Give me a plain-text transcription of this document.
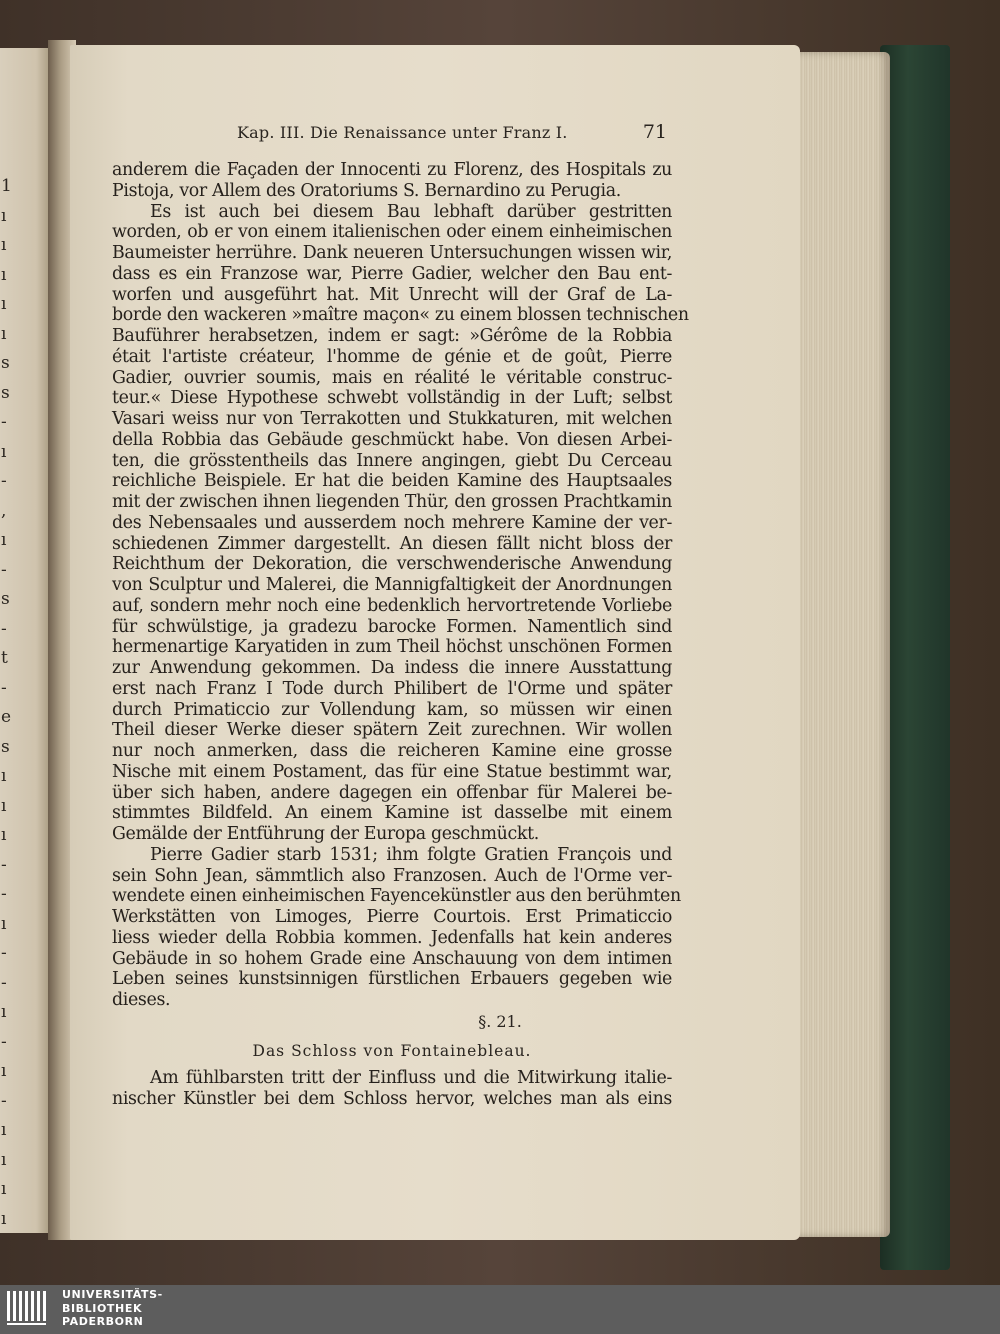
1
ı
ı
ı
ı
ı
s
s
-
ı
-
,
ı
-
s
-
t
-
e
s
ı
ı
ı
-
-
ı
-
-
ı
-
ı
-
ı
ı
ı
ı
Kap. III. Die Renaissance unter Franz I.	71
anderem die Façaden der Innocenti zu Florenz, des Hospitals zu
Pistoja, vor Allem des Oratoriums S. Bernardino zu Perugia.
Es ist auch bei diesem Bau lebhaft darüber gestritten
worden, ob er von einem italienischen oder einem einheimischen
Baumeister herrühre. Dank neueren Untersuchungen wissen wir,
dass es ein Franzose war, Pierre Gadier, welcher den Bau ent-
worfen und ausgeführt hat. Mit Unrecht will der Graf de La-
borde den wackeren »maître maçon« zu einem blossen technischen
Bauführer herabsetzen, indem er sagt: »Gérôme de la Robbia
était l'artiste créateur, l'homme de génie et de goût, Pierre
Gadier, ouvrier soumis, mais en réalité le véritable construc-
teur.« Diese Hypothese schwebt vollständig in der Luft; selbst
Vasari weiss nur von Terrakotten und Stukkaturen, mit welchen
della Robbia das Gebäude geschmückt habe. Von diesen Arbei-
ten, die grösstentheils das Innere angingen, giebt Du Cerceau
reichliche Beispiele. Er hat die beiden Kamine des Hauptsaales
mit der zwischen ihnen liegenden Thür, den grossen Prachtkamin
des Nebensaales und ausserdem noch mehrere Kamine der ver-
schiedenen Zimmer dargestellt. An diesen fällt nicht bloss der
Reichthum der Dekoration, die verschwenderische Anwendung
von Sculptur und Malerei, die Mannigfaltigkeit der Anordnungen
auf, sondern mehr noch eine bedenklich hervortretende Vorliebe
für schwülstige, ja gradezu barocke Formen. Namentlich sind
hermenartige Karyatiden in zum Theil höchst unschönen Formen
zur Anwendung gekommen. Da indess die innere Ausstattung
erst nach Franz I Tode durch Philibert de l'Orme und später
durch Primaticcio zur Vollendung kam, so müssen wir einen
Theil dieser Werke dieser spätern Zeit zurechnen. Wir wollen
nur noch anmerken, dass die reicheren Kamine eine grosse
Nische mit einem Postament, das für eine Statue bestimmt war,
über sich haben, andere dagegen ein offenbar für Malerei be-
stimmtes Bildfeld. An einem Kamine ist dasselbe mit einem
Gemälde der Entführung der Europa geschmückt.
Pierre Gadier starb 1531; ihm folgte Gratien François und
sein Sohn Jean, sämmtlich also Franzosen. Auch de l'Orme ver-
wendete einen einheimischen Fayencekünstler aus den berühmten
Werkstätten von Limoges, Pierre Courtois. Erst Primaticcio
liess wieder della Robbia kommen. Jedenfalls hat kein anderes
Gebäude in so hohem Grade eine Anschauung von dem intimen
Leben seines kunstsinnigen fürstlichen Erbauers gegeben wie
dieses.
§. 21.
Das Schloss von Fontainebleau.
Am fühlbarsten tritt der Einfluss und die Mitwirkung italie-
nischer Künstler bei dem Schloss hervor, welches man als eins
UNIVERSITÄTS-
BIBLIOTHEK
PADERBORN
